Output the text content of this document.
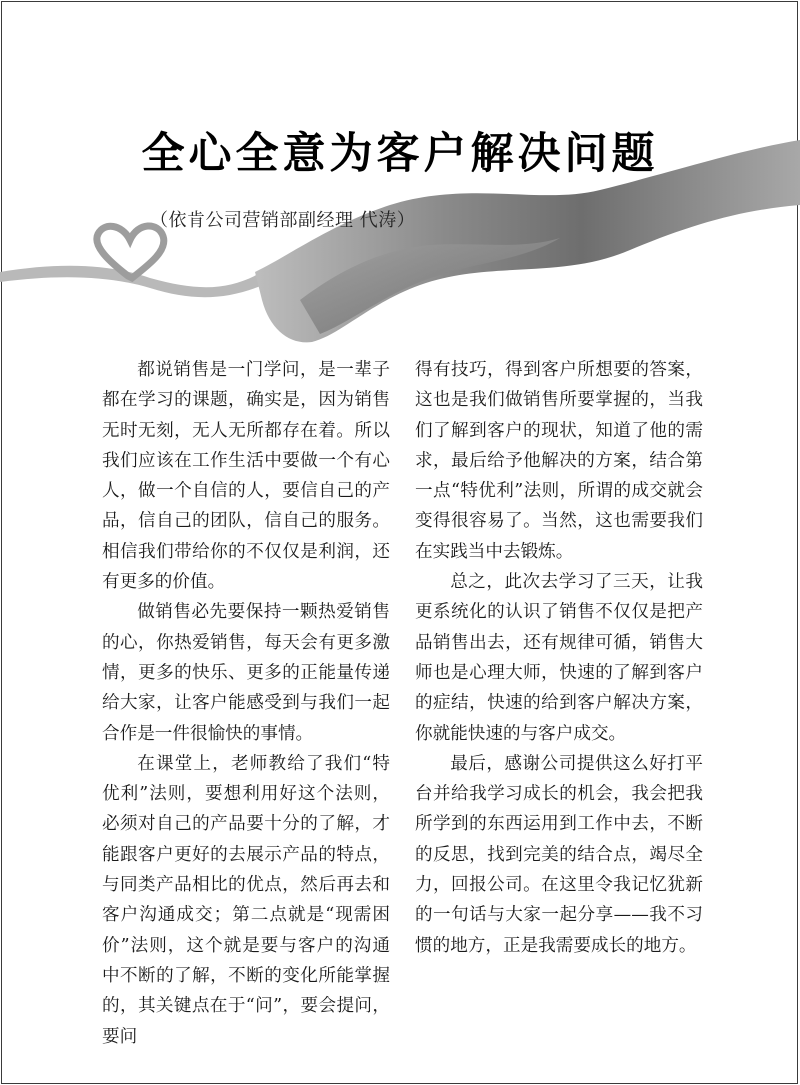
全心全意为客户解决问题
（依肯公司营销部副经理 代涛）

都说销售是一门学问，是一辈子都在学习的课题，确实是，因为销售无时无刻，无人无所都存在着。所以我们应该在工作生活中要做一个有心人，做一个自信的人，要信自己的产品，信自己的团队，信自己的服务。相信我们带给你的不仅仅是利润，还有更多的价值。

做销售必先要保持一颗热爱销售的心，你热爱销售，每天会有更多激情，更多的快乐、更多的正能量传递给大家，让客户能感受到与我们一起合作是一件很愉快的事情。

在课堂上，老师教给了我们“特优利”法则，要想利用好这个法则，必须对自己的产品要十分的了解，才能跟客户更好的去展示产品的特点，与同类产品相比的优点，然后再去和客户沟通成交；第二点就是“现需困价”法则，这个就是要与客户的沟通中不断的了解，不断的变化所能掌握的，其关键点在于“问”，要会提问，要问

得有技巧，得到客户所想要的答案，这也是我们做销售所要掌握的，当我们了解到客户的现状，知道了他的需求，最后给予他解决的方案，结合第一点“特优利”法则，所谓的成交就会变得很容易了。当然，这也需要我们在实践当中去锻炼。

总之，此次去学习了三天，让我更系统化的认识了销售不仅仅是把产品销售出去，还有规律可循，销售大师也是心理大师，快速的了解到客户的症结，快速的给到客户解决方案，你就能快速的与客户成交。

最后，感谢公司提供这么好打平台并给我学习成长的机会，我会把我所学到的东西运用到工作中去，不断的反思，找到完美的结合点，竭尽全力，回报公司。在这里令我记忆犹新的一句话与大家一起分享——我不习惯的地方，正是我需要成长的地方。
